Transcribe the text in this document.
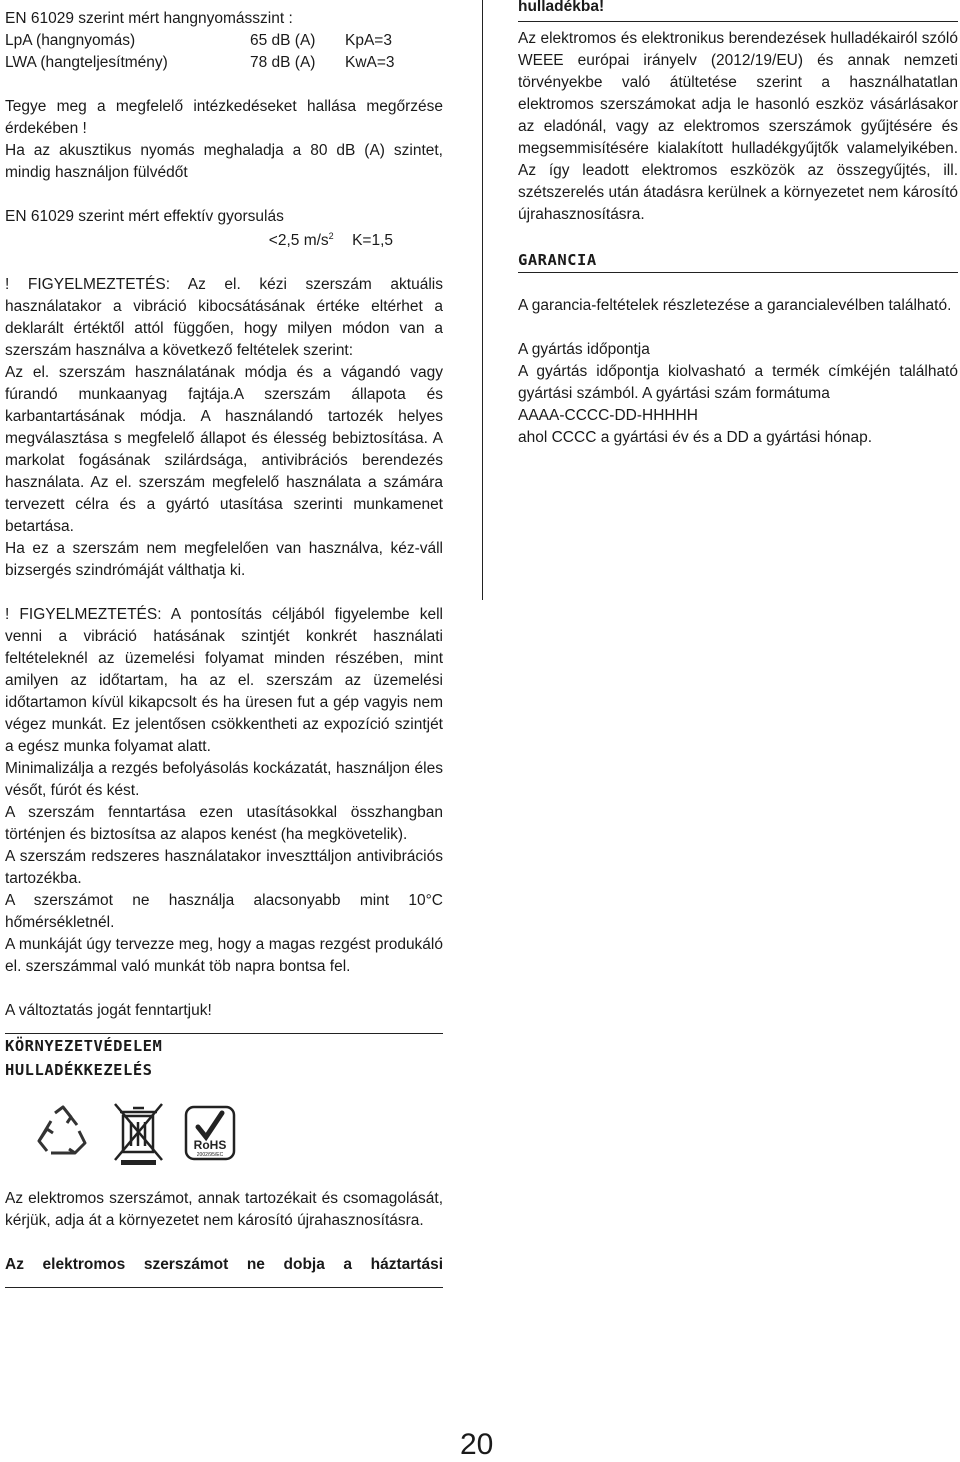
EN 61029 szerint mért hangnyomásszint :

LpA (hangnyomás)	65 dB (A)	KpA=3
LWA (hangteljesítmény)	78 dB (A)	KwA=3

Tegye meg a megfelelő intézkedéseket hallása megőrzése érdekében !

Ha az akusztikus nyomás meghaladja a 80 dB (A) szintet, mindig használjon fülvédőt

EN 61029 szerint mért effektív gyorsulás

<2,5 $m/s^2$ K=1,5

! FIGYELMEZTETÉS: Az el. kézi szerszám aktuális használatakor a vibráció kibocsátásának értéke eltérhet a deklarált értéktől attól függően, hogy milyen módon van a szerszám használva a következő feltételek szerint:

Az el. szerszám használatának módja és a vágandó vagy fúrandó munkaanyag fajtája.A szerszám állapota és karbantartásának módja. A használandó tartozék helyes megválasztása s megfelelő állapot és élesség bebiztosítása. A markolat fogásának szilárdsága, antivibrációs berendezés használata. Az el. szerszám megfelelő használata a számára tervezett célra és a gyártó utasítása szerinti munkamenet betartása.

Ha ez a szerszám nem megfelelően van használva, kéz-váll bizsergés szindrómáját válthatja ki.

! FIGYELMEZTETÉS: A pontosítás céljából figyelembe kell venni a vibráció hatásának szintjét konkrét használati feltételeknél az üzemelési folyamat minden részében, mint amilyen az időtartam, ha az el. szerszám az üzemelési időtartamon kívül kikapcsolt és ha üresen fut a gép vagyis nem végez munkát. Ez jelentősen csökkentheti az expozíció szintjét a egész munka folyamat alatt.

Minimalizálja a rezgés befolyásolás kockázatát, használjon éles vésőt, fúrót és kést.

A szerszám fenntartása ezen utasításokkal összhangban történjen és biztosítsa az alapos kenést (ha megkövetelik).

A szerszám redszeres használatakor inveszttáljon antivibrációs tartozékba.

A szerszámot ne használja alacsonyabb mint 10°C hőmérsékletnél.

A munkáját úgy tervezze meg, hogy a magas rezgést produkáló el. szerszámmal való munkát töb napra bontsa fel.

A változtatás jogát fenntartjuk!

KÖRNYEZETVÉDELEM
HULLADÉKKEZELÉS
RoHS
2002/95/EC

Az elektromos szerszámot, annak tartozékait és csomagolását, kérjük, adja át a környezetet nem károsító újrahasznosításra.

Az elektromos szerszámot ne dobja a háztartási

hulladékba!

Az elektromos és elektronikus berendezések hulladékairól szóló WEEE európai irányelv (2012/19/EU) és annak nemzeti törvényekbe való átültetése szerint a használhatatlan elektromos szerszámokat adja le hasonló eszköz vásárlásakor az eladónál, vagy az elektromos szerszámok gyűjtésére és megsemmisítésére kialakított hulladékgyűjtők valamelyikében. Az így leadott elektromos eszközök az összegyűjtés, ill. szétszerelés után átadásra kerülnek a környezetet nem károsító újrahasznosításra.

GARANCIA

A garancia-feltételek részletezése a garancialevélben található.

A gyártás időpontja

A gyártás időpontja kiolvasható a termék címkéjén található gyártási számból. A gyártási szám formátuma

AAAA-CCCC-DD-HHHHH

ahol CCCC a gyártási év és a DD a gyártási hónap.

20
